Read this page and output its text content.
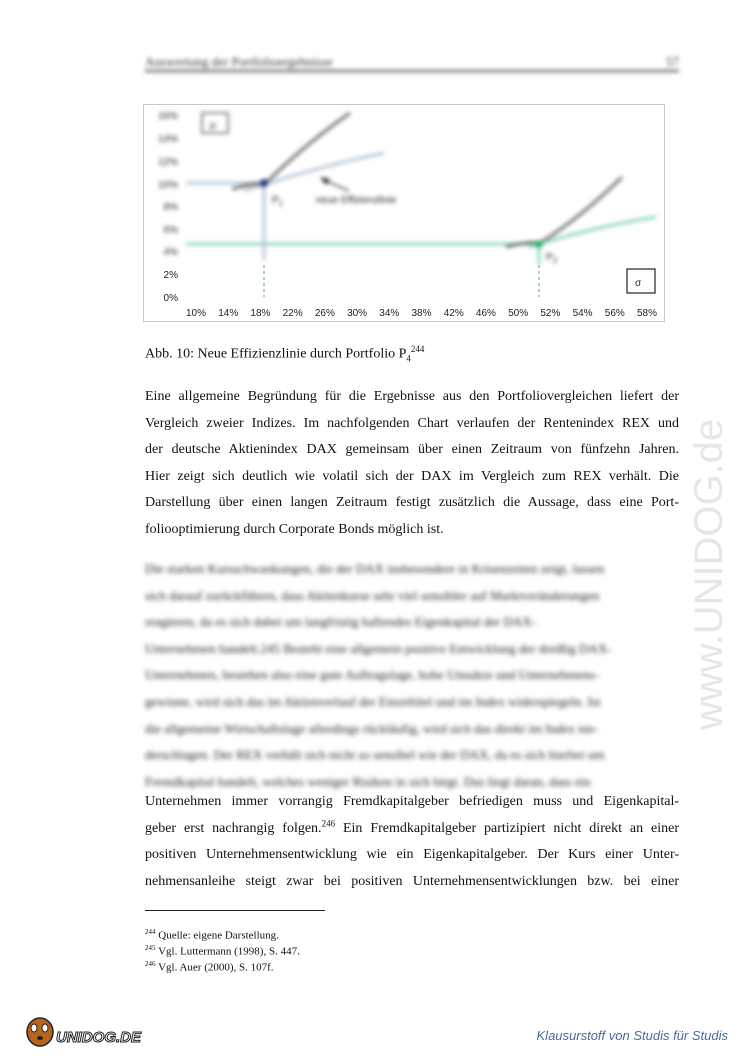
Auswertung der Portfolioergebnisse	57
16%
14%
12%
10%
8%
6%
4%
µ
$P_1$	neue Effizienzlinie
$P_2$
σ
2%
0%
10% 14% 18% 22% 26% 30% 34% 38% 42% 46% 50% 52% 54% 56% 58%
Abb. 10: Neue Effizienzlinie durch Portfolio $P_4^{244}$
Eine allgemeine Begründung für die Ergebnisse aus den Portfoliovergleichen liefert der
Vergleich zweier Indizes. Im nachfolgenden Chart verlaufen der Rentenindex REX und
der deutsche Aktienindex DAX gemeinsam über einen Zeitraum von fünfzehn Jahren.
Hier zeigt sich deutlich wie volatil sich der DAX im Vergleich zum REX verhält. Die
Darstellung über einen langen Zeitraum festigt zusätzlich die Aussage, dass eine Port-
foliooptimierung durch Corporate Bonds möglich ist.
Die starken Kursschwankungen, die der DAX insbesondere in Krisenzeiten zeigt, lassen
sich darauf zurückführen, dass Aktienkurse sehr viel sensibler auf Marktveränderungen
reagieren, da es sich dabei um langfristig haftendes Eigenkapital der DAX-
Unternehmen handelt.245 Besteht eine allgemein positive Entwicklung der dreißig DAX-
Unternehmen, bestehen also eine gute Auftragslage, hohe Umsätze und Unternehmens-
gewinne, wird sich das im Aktienverlauf der Einzeltitel und im Index widerspiegeln. Ist
die allgemeine Wirtschaftslage allerdings rückläufig, wird sich das direkt im Index nie-
derschlagen. Der REX verhält sich nicht so sensibel wie der DAX, da es sich hierbei um
Fremdkapital handelt, welches weniger Risiken in sich birgt. Das liegt daran, dass ein
Unternehmen immer vorrangig Fremdkapitalgeber befriedigen muss und Eigenkapital-
geber erst nachrangig folgen.$^{246}$ Ein Fremdkapitalgeber partizipiert nicht direkt an einer
positiven Unternehmensentwicklung wie ein Eigenkapitalgeber. Der Kurs einer Unter-
nehmensanleihe steigt zwar bei positiven Unternehmensentwicklungen bzw. bei einer
$^{244}$ Quelle: eigene Darstellung.
$^{245}$ Vgl. Luttermann (1998), S. 447.
$^{246}$ Vgl. Auer (2000), S. 107f.
www.UNIDOG.de
UNIDOG.DE	Klausurstoff von Studis für Studis
